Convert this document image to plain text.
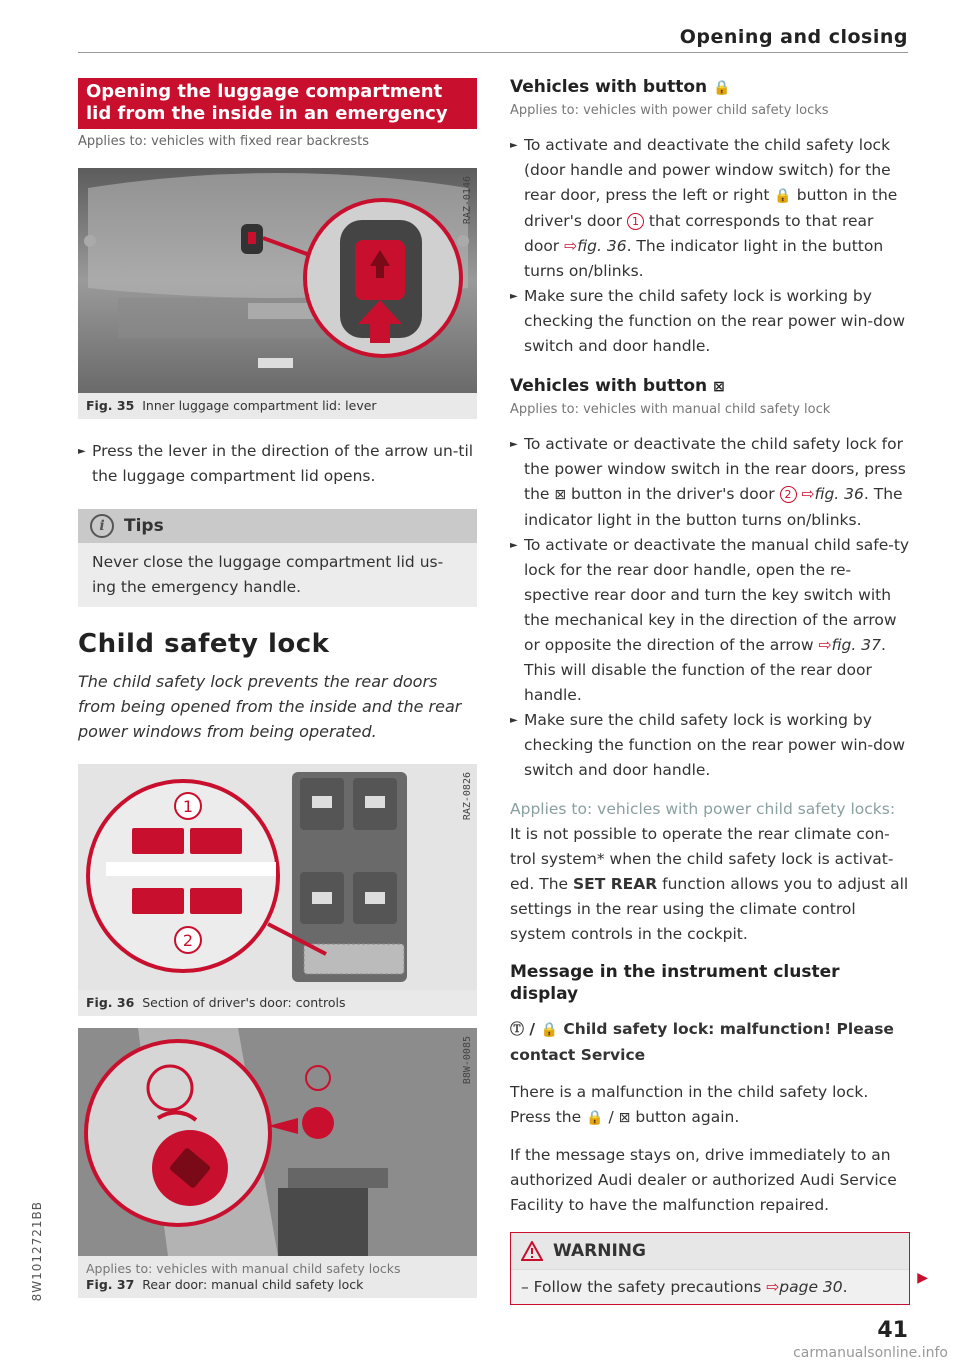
Opening and closing
Opening the luggage compartment lid from the inside in an emergency
Applies to: vehicles with fixed rear backrests
RAZ-0146
Fig. 35 Inner luggage compartment lid: lever
► Press the lever in the direction of the arrow un-til the luggage compartment lid opens.
i	Tips
Never close the luggage compartment lid us-ing the emergency handle.
Child safety lock
The child safety lock prevents the rear doors from being opened from the inside and the rear power windows from being operated.
1
2
RAZ-0826
Fig. 36 Section of driver's door: controls
B8W-0085
Applies to: vehicles with manual child safety locks
Fig. 37 Rear door: manual child safety lock
Vehicles with button 🔒
Applies to: vehicles with power child safety locks
► To activate and deactivate the child safety lock (door handle and power window switch) for the rear door, press the left or right 🔒 button in the driver's door 1 that corresponds to that rear door ⇨fig. 36. The indicator light in the button turns on/blinks.
► Make sure the child safety lock is working by checking the function on the rear power win-dow switch and door handle.
Vehicles with button ⊠
Applies to: vehicles with manual child safety lock
► To activate or deactivate the child safety lock for the power window switch in the rear doors, press the ⊠ button in the driver's door 2 ⇨fig. 36. The indicator light in the button turns on/blinks.
► To activate or deactivate the manual child safe-ty lock for the rear door handle, open the re-spective rear door and turn the key switch with the mechanical key in the direction of the arrow or opposite the direction of the arrow ⇨fig. 37. This will disable the function of the rear door handle.
► Make sure the child safety lock is working by checking the function on the rear power win-dow switch and door handle.
Applies to: vehicles with power child safety locks:
It is not possible to operate the rear climate con-trol system* when the child safety lock is activat-ed. The SET REAR function allows you to adjust all settings in the rear using the climate control system controls in the cockpit.
Message in the instrument cluster display
Ⓣ / 🔒 Child safety lock: malfunction! Please contact Service
There is a malfunction in the child safety lock. Press the 🔒 / ⊠ button again.
If the message stays on, drive immediately to an authorized Audi dealer or authorized Audi Service Facility to have the malfunction repaired.
WARNING
– Follow the safety precautions ⇨page 30.	▶
41
8W1012721BB
carmanualsonline.info
